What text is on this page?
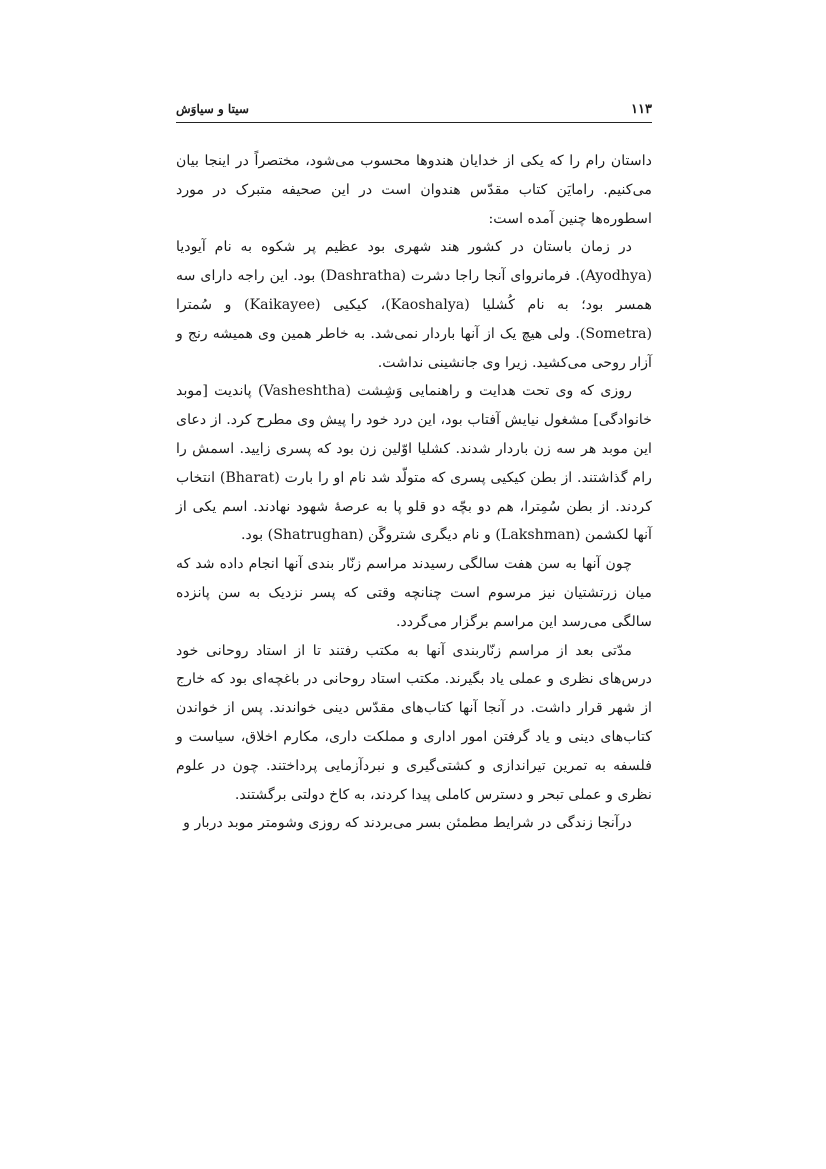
۱۱۳
سیتا و سیاوَش

داستان رام را که یکی از خدایان هندوها محسوب می‌شود، مختصراً در اینجا بیان می‌کنیم. رامایَن کتاب مقدّس هندوان است در این صحیفه متبرک در مورد اسطوره‌ها چنین آمده است:

در زمان باستان در کشور هند شهری بود عظیم پر شکوه به نام آیودیا (Ayodhya). فرمانروای آنجا راجا دشرت (Dashratha) بود. این راجه دارای سه همسر بود؛ به نام کُشلیا (Kaoshalya)، کیکیی (Kaikayee) و سُمترا (Sometra). ولی هیچ یک از آنها باردار نمی‌شد. به خاطر همین وی همیشه رنج و آزار روحی می‌کشید. زیرا وی جانشینی نداشت.

روزی که وی تحت هدایت و راهنمایی وَشِشت (Vasheshtha) پاندیت [موبد خانوادگی] مشغول نیایش آفتاب بود، این درد خود را پیش وی مطرح کرد. از دعای این موبد هر سه زن باردار شدند. کشلیا اوّلین زن بود که پسری زایید. اسمش را رام گذاشتند. از بطن کیکیی پسری که متولّد شد نام او را بارت (Bharat) انتخاب کردند. از بطن سُمِترا، هم دو بچّه دو قلو پا به عرصهٔ شهود نهادند. اسم یکی از آنها لکشمن (Lakshman) و نام دیگری شتروگَن (Shatrughan) بود.

چون آنها به سن هفت سالگی رسیدند مراسم زنّار بندی آنها انجام داده شد که میان زرتشتیان نیز مرسوم است چنانچه وقتی که پسر نزدیک به سن پانزده سالگی می‌رسد این مراسم برگزار می‌گردد.

مدّتی بعد از مراسم زنّاربندی آنها به مکتب رفتند تا از استاد روحانی خود درس‌های نظری و عملی یاد بگیرند. مکتب استاد روحانی در باغچه‌ای بود که خارج از شهر قرار داشت. در آنجا آنها کتاب‌های مقدّس دینی خواندند. پس از خواندن کتاب‌های دینی و یاد گرفتن امور اداری و مملکت داری، مکارم اخلاق، سیاست و فلسفه به تمرین تیراندازی و کشتی‌گیری و نبردآزمایی پرداختند. چون در علوم نظری و عملی تبحر و دسترس کاملی پیدا کردند، به کاخ دولتی برگشتند.

درآنجا زندگی در شرایط مطمئن بسر می‌بردند که روزی وشومتر موبد دربار و
